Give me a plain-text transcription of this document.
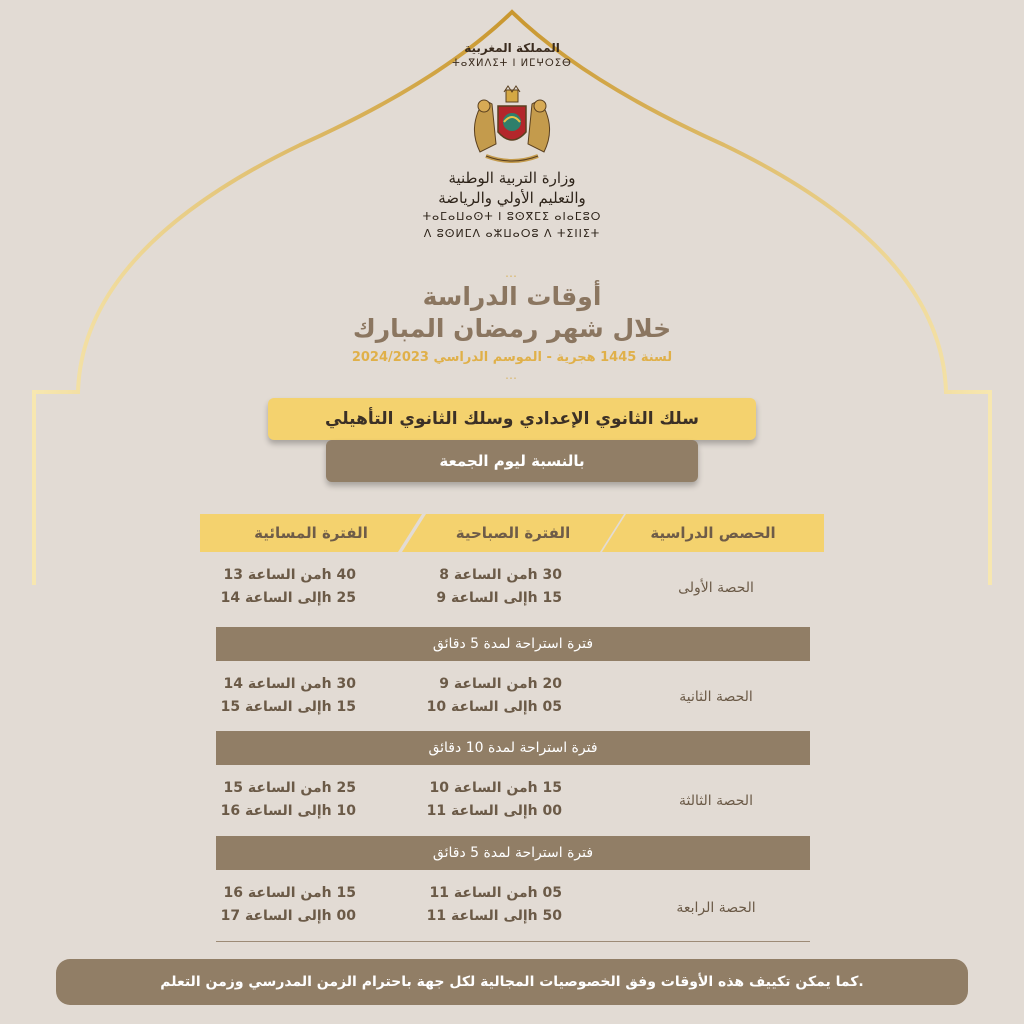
المملكة المغربية
ⵜⴰⴳⵍⴷⵉⵜ ⵏ ⵍⵎⵖⵔⵉⴱ
وزارة التربية الوطنية
والتعليم الأولي والرياضة
ⵜⴰⵎⴰⵡⴰⵙⵜ ⵏ ⵓⵙⴳⵎⵉ ⴰⵏⴰⵎⵓⵔ
ⴷ ⵓⵙⵍⵎⴷ ⴰⵣⵡⴰⵔⵓ ⴷ ⵜⵉⵏⵏⵉⵜ
⋯
أوقات الدراسة
خلال شهر رمضان المبارك
لسنة 1445 هجرية - الموسم الدراسي 2024/2023
⋯
سلك الثانوي الإعدادي وسلك الثانوي التأهيلي
بالنسبة ليوم الجمعة
الحصص الدراسية
الفترة الصباحية
الفترة المسائية
من الساعة 8h 30
إلى الساعة 9h 15
من الساعة 13h 40
إلى الساعة 14h 25
الحصة الأولى
فترة استراحة لمدة 5 دقائق
من الساعة 9h 20
إلى الساعة 10h 05
من الساعة 14h 30
إلى الساعة 15h 15
الحصة الثانية
فترة استراحة لمدة 10 دقائق
من الساعة 10h 15
إلى الساعة 11h 00
من الساعة 15h 25
إلى الساعة 16h 10
الحصة الثالثة
فترة استراحة لمدة 5 دقائق
من الساعة 11h 05
إلى الساعة 11h 50
من الساعة 16h 15
إلى الساعة 17h 00	الحصة الرابعة
كما يمكن تكييف هذه الأوقات وفق الخصوصيات المجالية لكل جهة باحترام الزمن المدرسي وزمن التعلم.
